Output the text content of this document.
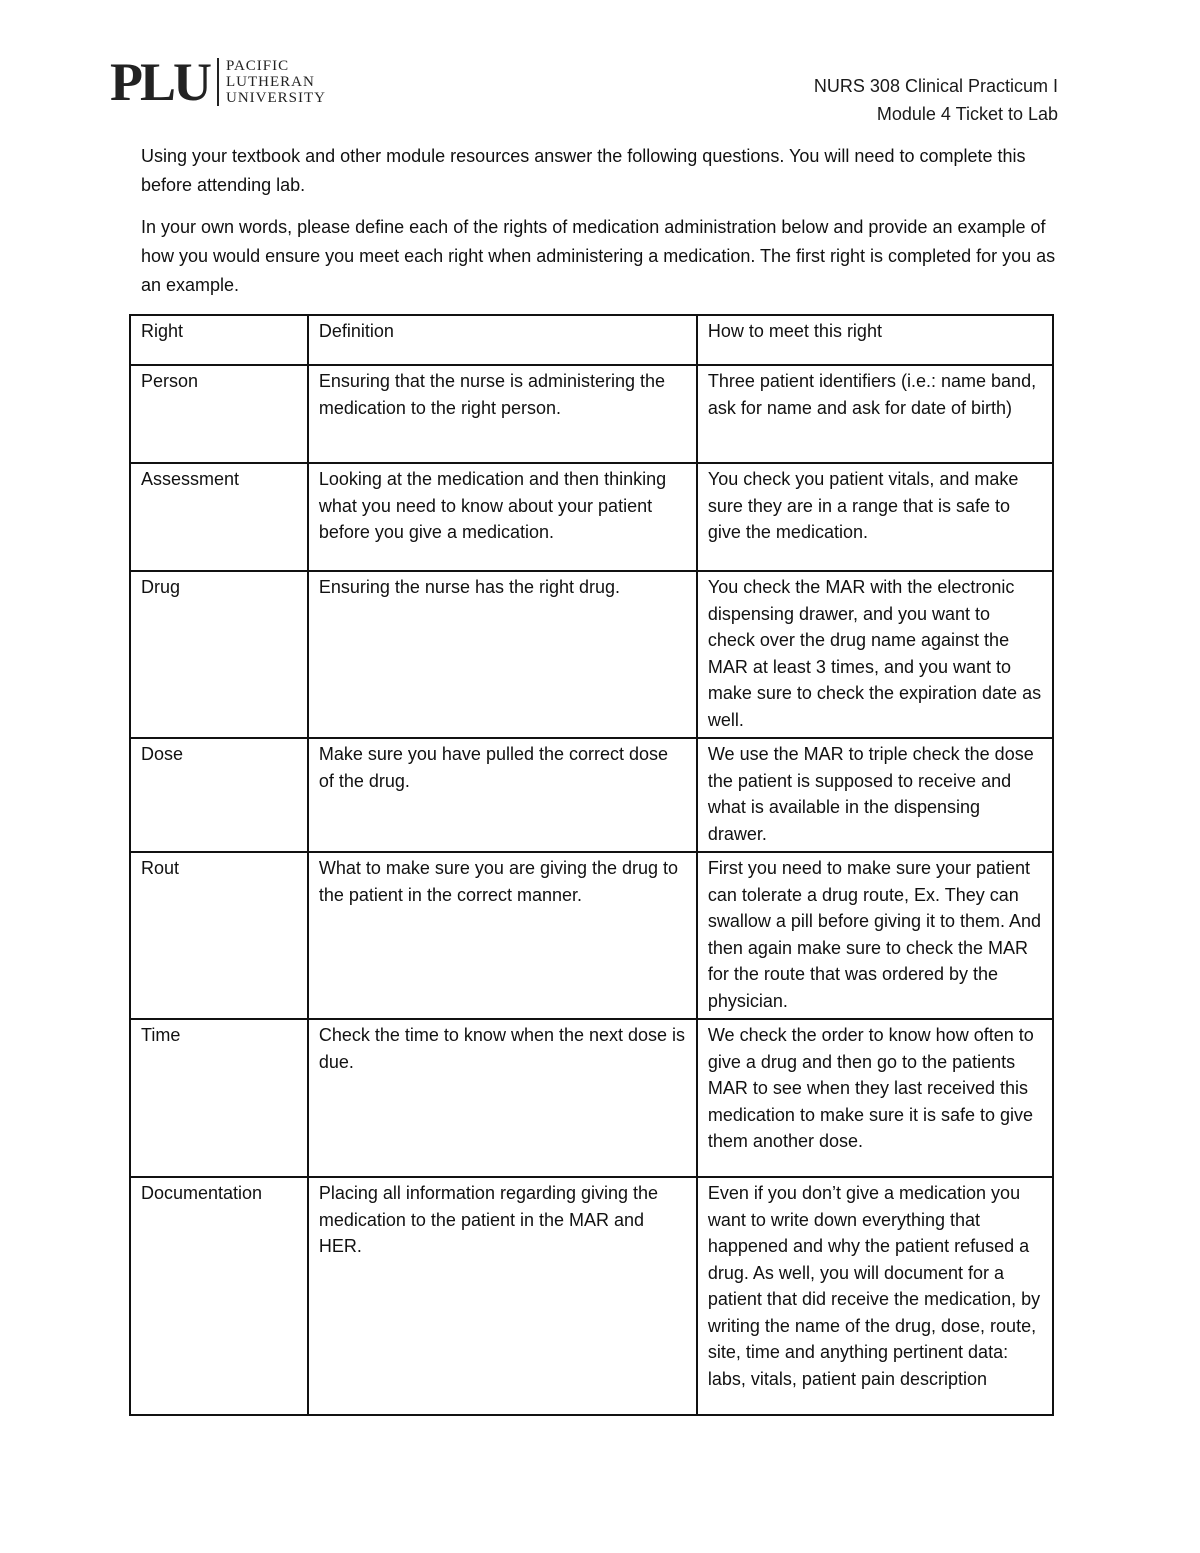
PLU PACIFIC
LUTHERAN
UNIVERSITY
NURS 308 Clinical Practicum I
Module 4 Ticket to Lab

Using your textbook and other module resources answer the following questions. You will need to complete this before attending lab.

In your own words, please define each of the rights of medication administration below and provide an example of how you would ensure you meet each right when administering a medication. The first right is completed for you as an example.

Right	Definition	How to meet this right
Person	Ensuring that the nurse is administering the medication to the right person.	Three patient identifiers (i.e.: name band, ask for name and ask for date of birth)
Assessment	Looking at the medication and then thinking what you need to know about your patient before you give a medication.	You check you patient vitals, and make sure they are in a range that is safe to give the medication.
Drug	Ensuring the nurse has the right drug.	You check the MAR with the electronic dispensing drawer, and you want to check over the drug name against the MAR at least 3 times, and you want to make sure to check the expiration date as well.
Dose	Make sure you have pulled the correct dose of the drug.	We use the MAR to triple check the dose the patient is supposed to receive and what is available in the dispensing drawer.
Rout	What to make sure you are giving the drug to the patient in the correct manner.	First you need to make sure your patient can tolerate a drug route, Ex. They can swallow a pill before giving it to them. And then again make sure to check the MAR for the route that was ordered by the physician.
Time	Check the time to know when the next dose is due.	We check the order to know how often to give a drug and then go to the patients MAR to see when they last received this medication to make sure it is safe to give them another dose.
Documentation	Placing all information regarding giving the medication to the patient in the MAR and HER.	Even if you don’t give a medication you want to write down everything that happened and why the patient refused a drug. As well, you will document for a patient that did receive the medication, by writing the name of the drug, dose, route, site, time and anything pertinent data: labs, vitals, patient pain description
